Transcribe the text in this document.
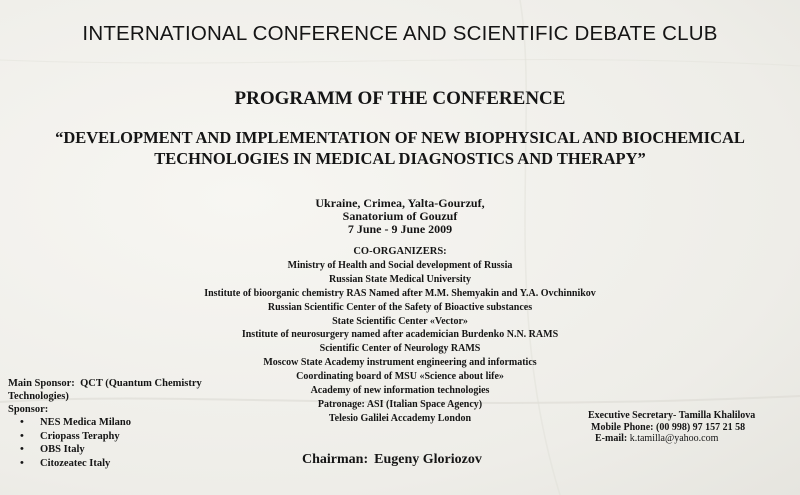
INTERNATIONAL CONFERENCE AND SCIENTIFIC DEBATE CLUB
PROGRAMM OF THE CONFERENCE
“DEVELOPMENT AND IMPLEMENTATION OF NEW BIOPHYSICAL AND BIOCHEMICAL
TECHNOLOGIES IN MEDICAL DIAGNOSTICS AND THERAPY”
Ukraine, Crimea, Yalta-Gourzuf,
Sanatorium of Gouzuf
7 June - 9 June 2009
CO-ORGANIZERS:
Ministry of Health and Social development of Russia
Russian State Medical University
Institute of bioorganic chemistry RAS Named after M.M. Shemyakin and Y.A. Ovchinnikov
Russian Scientific Center of the Safety of Bioactive substances
State Scientific Center «Vector»
Institute of neurosurgery named after academician Burdenko N.N. RAMS
Scientific Center of Neurology RAMS
Moscow State Academy instrument engineering and informatics
Coordinating board of MSU «Science about life»
Academy of new information technologies
Patronage: ASI (Italian Space Agency)
Telesio Galilei Accademy London
Main Sponsor: QCT (Quantum Chemistry
Technologies)
Sponsor:
• NES Medica Milano
• Criopass Teraphy
• OBS Italy
• Citozeatec Italy	Chairman: Eugeny Gloriozov
Executive Secretary- Tamilla Khalilova
Mobile Phone: (00 998) 97 157 21 58
E-mail: k.tamilla@yahoo.com
